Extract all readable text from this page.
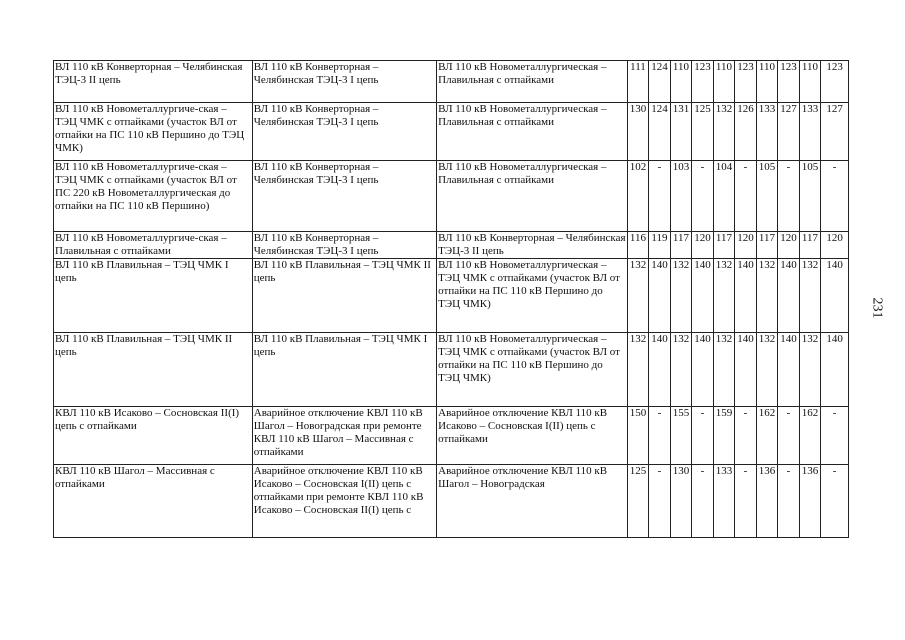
231
ВЛ 110 кВ Конверторная – Челябинская ТЭЦ-3 II цепь	ВЛ 110 кВ Конверторная – Челябинская ТЭЦ-3 I цепь	ВЛ 110 кВ Новометаллургическая – Плавильная с отпайками	111	124	110	123	110	123	110	123	110	123
ВЛ 110 кВ Новометаллургиче-ская – ТЭЦ ЧМК с отпайками (участок ВЛ от отпайки на ПС 110 кВ Першино до ТЭЦ ЧМК)	ВЛ 110 кВ Конверторная – Челябинская ТЭЦ-3 I цепь	ВЛ 110 кВ Новометаллургическая – Плавильная с отпайками	130	124	131	125	132	126	133	127	133	127
ВЛ 110 кВ Новометаллургиче-ская – ТЭЦ ЧМК с отпайками (участок ВЛ от ПС 220 кВ Новометаллургическая до отпайки на ПС 110 кВ Першино)	ВЛ 110 кВ Конверторная – Челябинская ТЭЦ-3 I цепь	ВЛ 110 кВ Новометаллургическая – Плавильная с отпайками	102	-	103	-	104	-	105	-	105	-
ВЛ 110 кВ Новометаллургиче-ская – Плавильная с отпайками	ВЛ 110 кВ Конверторная – Челябинская ТЭЦ-3 I цепь	ВЛ 110 кВ Конверторная – Челябинская ТЭЦ-3 II цепь	116	119	117	120	117	120	117	120	117	120
ВЛ 110 кВ Плавильная – ТЭЦ ЧМК I цепь	ВЛ 110 кВ Плавильная – ТЭЦ ЧМК II цепь	ВЛ 110 кВ Новометаллургическая – ТЭЦ ЧМК с отпайками (участок ВЛ от отпайки на ПС 110 кВ Першино до ТЭЦ ЧМК)	132	140	132	140	132	140	132	140	132	140
ВЛ 110 кВ Плавильная – ТЭЦ ЧМК II цепь	ВЛ 110 кВ Плавильная – ТЭЦ ЧМК I цепь	ВЛ 110 кВ Новометаллургическая – ТЭЦ ЧМК с отпайками (участок ВЛ от отпайки на ПС 110 кВ Першино до ТЭЦ ЧМК)	132	140	132	140	132	140	132	140	132	140
КВЛ 110 кВ Исаково – Сосновская II(I) цепь с отпайками	Аварийное отключение КВЛ 110 кВ Шагол – Новоградская при ремонте КВЛ 110 кВ Шагол – Массивная с отпайками	Аварийное отключение КВЛ 110 кВ Исаково – Сосновская I(II) цепь с отпайками	150	-	155	-	159	-	162	-	162	-
КВЛ 110 кВ Шагол – Массивная с отпайками	Аварийное отключение КВЛ 110 кВ Исаково – Сосновская I(II) цепь с отпайками при ремонте КВЛ 110 кВ Исаково – Сосновская II(I) цепь с	Аварийное отключение КВЛ 110 кВ Шагол – Новоградская	125	-	130	-	133	-	136	-	136	-
